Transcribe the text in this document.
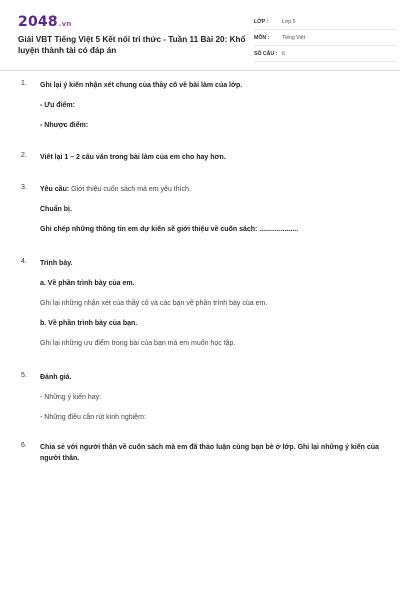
2048.vn
Giải VBT Tiếng Việt 5 Kết nối tri thức - Tuần 11 Bài 20: Khổ luyện thành tài có đáp án
LỚP :	Lớp 5
MÔN :	Tiếng Việt
SỐ CÂU : 6
1. Ghi lại ý kiến nhận xét chung của thầy cô về bài làm của lớp.
- Ưu điểm:
- Nhược điểm:
2. Viết lại 1 – 2 câu văn trong bài làm của em cho hay hơn.
3. Yêu cầu: Giới thiệu cuốn sách mà em yêu thích.
Chuẩn bị.
Ghi chép những thông tin em dự kiến sẽ giới thiệu về cuốn sách: ....................
4. Trình bày.
a. Về phần trình bày của em.
Ghi lại những nhận xét của thầy cô và các bạn về phần trình bày của em.
b. Về phần trình bày của bạn.
Ghi lại những ưu điểm trong bài của bạn mà em muốn học tập.
5. Đánh giá.
- Những ý kiến hay:
- Những điều cần rút kinh nghiệm:
6. Chia sẻ với người thân về cuốn sách mà em đã thảo luận cùng bạn bè ở lớp. Ghi lại những ý kiến của người thân.
